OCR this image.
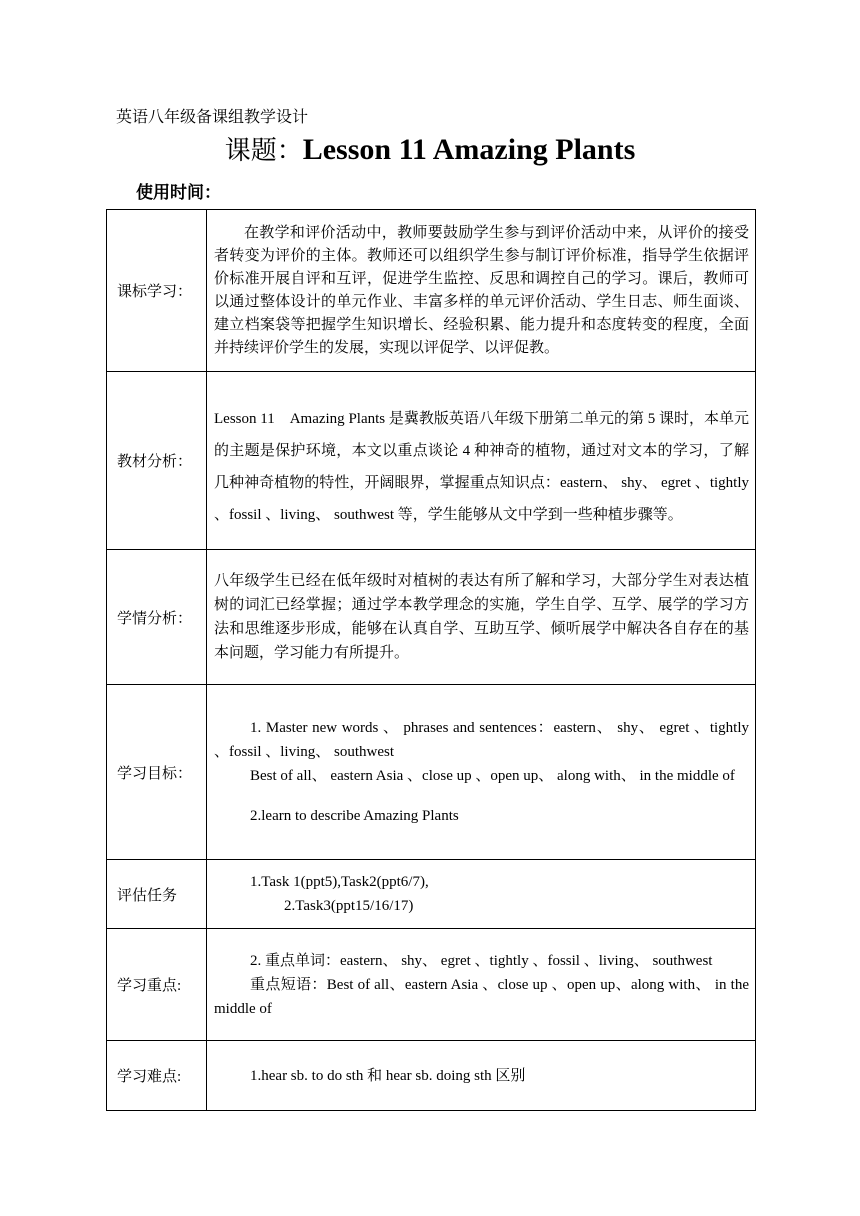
英语八年级备课组教学设计
课题：Lesson 11 Amazing Plants
使用时间：
课标学习：	在教学和评价活动中，教师要鼓励学生参与到评价活动中来，从评价的接受者转变为评价的主体。教师还可以组织学生参与制订评价标准，指导学生依据评价标准开展自评和互评，促进学生监控、反思和调控自己的学习。课后，教师可以通过整体设计的单元作业、丰富多样的单元评价活动、学生日志、师生面谈、建立档案袋等把握学生知识增长、经验积累、能力提升和态度转变的程度，全面并持续评价学生的发展，实现以评促学、以评促教。

教材分析：	Lesson 11　Amazing Plants 是冀教版英语八年级下册第二单元的第 5 课时，本单元的主题是保护环境，本文以重点谈论 4 种神奇的植物，通过对文本的学习，了解几种神奇植物的特性，开阔眼界，掌握重点知识点：eastern、 shy、 egret 、tightly 、fossil 、living、 southwest 等，学生能够从文中学到一些种植步骤等。

学情分析：	八年级学生已经在低年级时对植树的表达有所了解和学习，大部分学生对表达植树的词汇已经掌握；通过学本教学理念的实施，学生自学、互学、展学的学习方法和思维逐步形成，能够在认真自学、互助互学、倾听展学中解决各自存在的基本问题，学习能力有所提升。

学习目标：	1. Master new words 、 phrases and sentences：eastern、 shy、 egret 、tightly 、fossil 、living、 southwest

Best of all、 eastern Asia 、close up 、open up、 along with、 in the middle of

2.learn to describe Amazing Plants

评估任务	1.Task 1(ppt5),Task2(ppt6/7),

2.Task3(ppt15/16/17)

学习重点:	2. 重点单词：eastern、 shy、 egret 、tightly 、fossil 、living、 southwest

重点短语：Best of all、eastern Asia 、close up 、open up、along with、 in the middle of

学习难点:	1.hear sb. to do sth 和 hear sb. doing sth 区别
